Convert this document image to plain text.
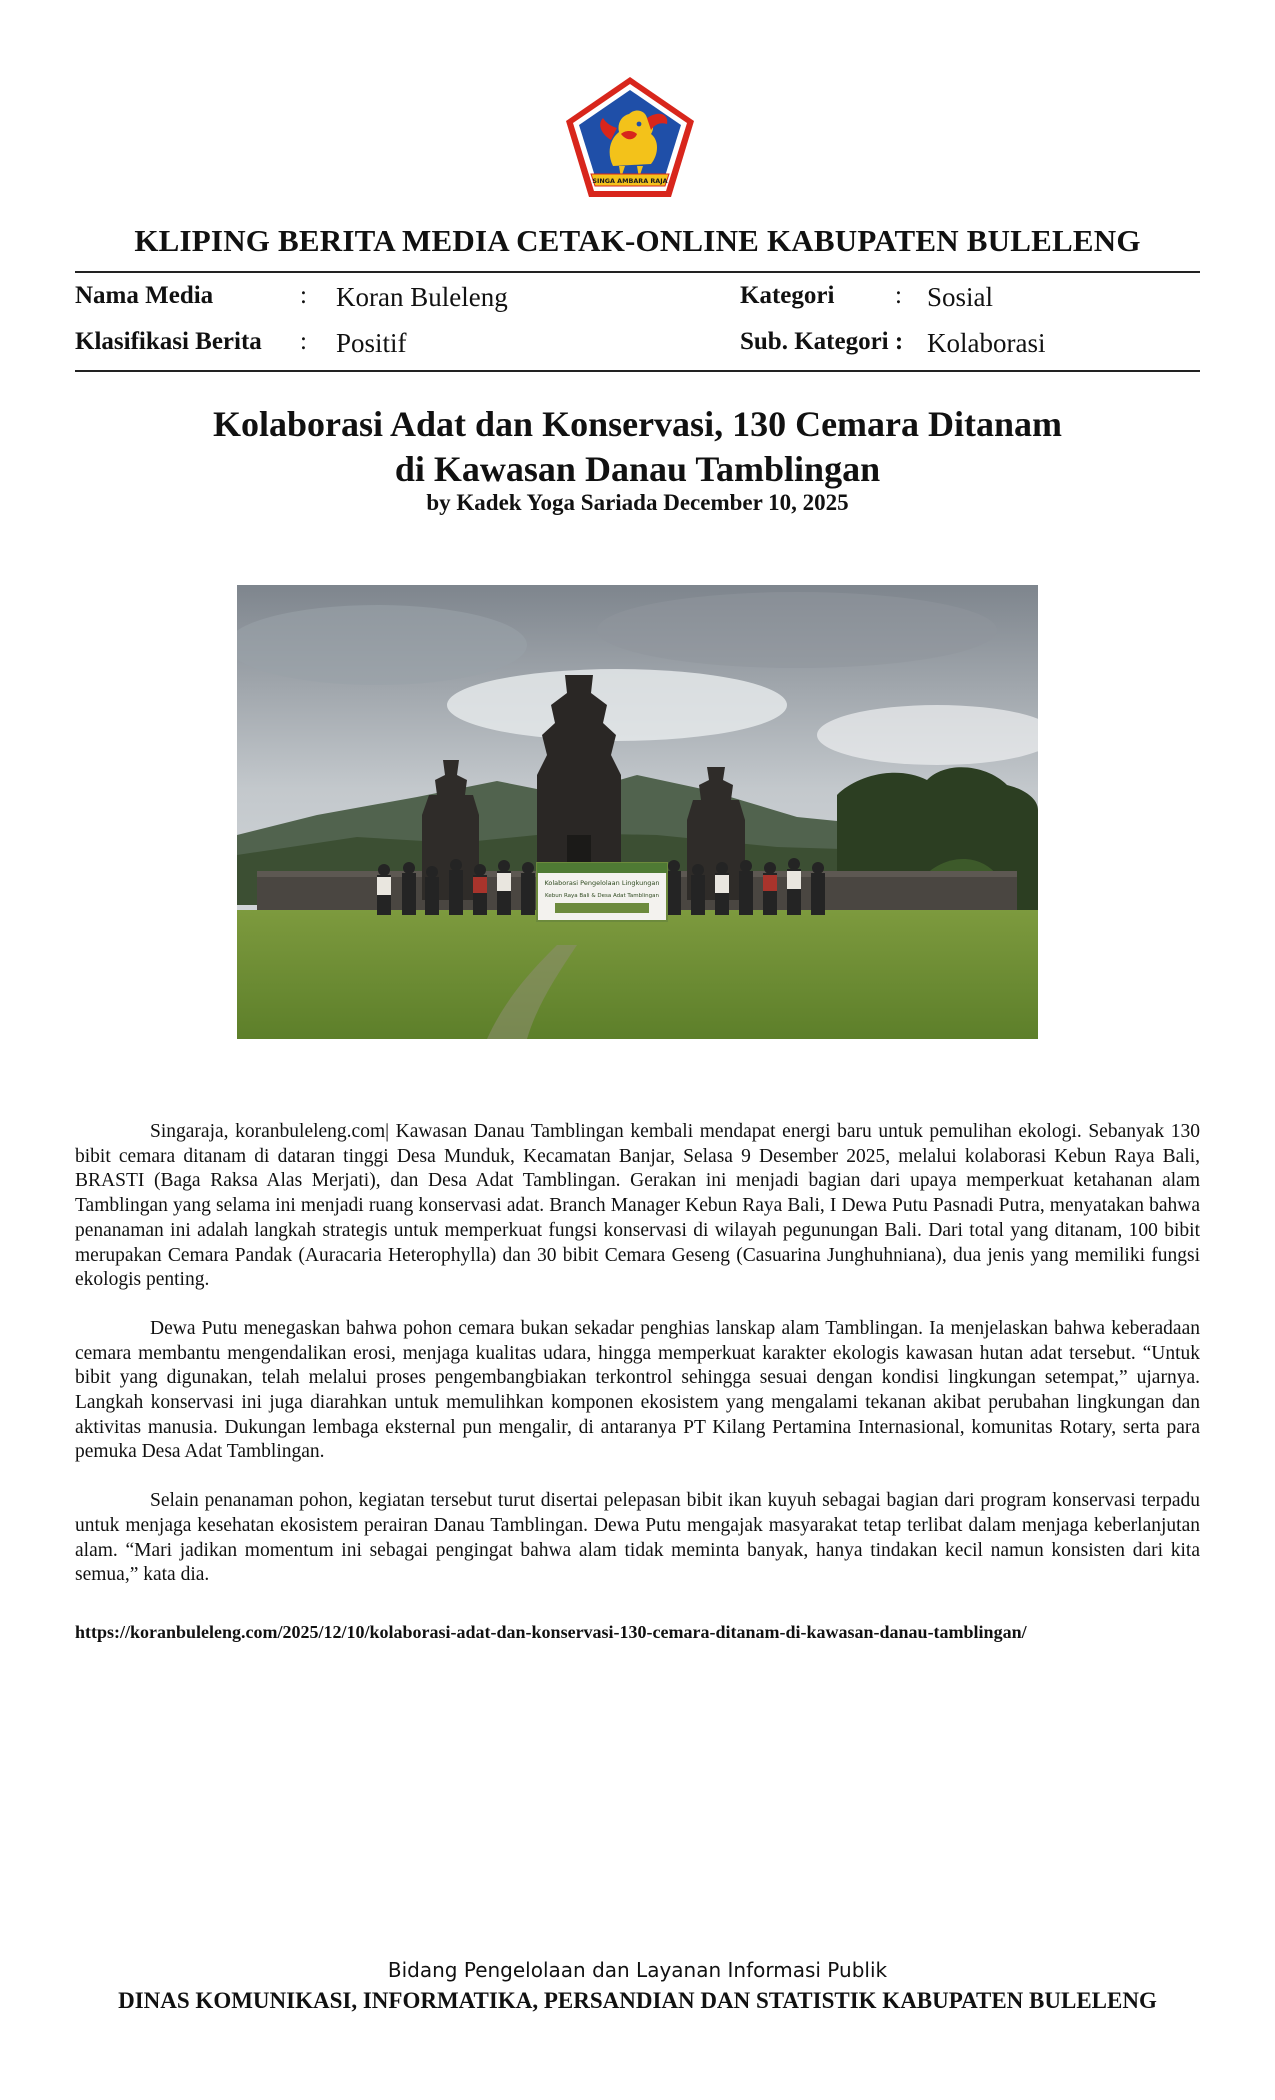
SINGA AMBARA RAJA
KLIPING BERITA MEDIA CETAK-ONLINE KABUPATEN BULELENG
Nama Media	: Koran Buleleng
Klasifikasi Berita : Positif
Kategori : Sosial
Sub. Kategori : Kolaborasi
Kolaborasi Adat dan Konservasi, 130 Cemara Ditanam
di Kawasan Danau Tamblingan
by Kadek Yoga Sariada December 10, 2025
Kolaborasi Pengelolaan Lingkungan
Kebun Raya Bali & Desa Adat Tamblingan

Singaraja, koranbuleleng.com| Kawasan Danau Tamblingan kembali mendapat energi baru untuk pemulihan ekologi. Sebanyak 130 bibit cemara ditanam di dataran tinggi Desa Munduk, Kecamatan Banjar, Selasa 9 Desember 2025, melalui kolaborasi Kebun Raya Bali, BRASTI (Baga Raksa Alas Merjati), dan Desa Adat Tamblingan. Gerakan ini menjadi bagian dari upaya memperkuat ketahanan alam Tamblingan yang selama ini menjadi ruang konservasi adat. Branch Manager Kebun Raya Bali, I Dewa Putu Pasnadi Putra, menyatakan bahwa penanaman ini adalah langkah strategis untuk memperkuat fungsi konservasi di wilayah pegunungan Bali. Dari total yang ditanam, 100 bibit merupakan Cemara Pandak (Auracaria Heterophylla) dan 30 bibit Cemara Geseng (Casuarina Junghuhniana), dua jenis yang memiliki fungsi ekologis penting.

Dewa Putu menegaskan bahwa pohon cemara bukan sekadar penghias lanskap alam Tamblingan. Ia menjelaskan bahwa keberadaan cemara membantu mengendalikan erosi, menjaga kualitas udara, hingga memperkuat karakter ekologis kawasan hutan adat tersebut. “Untuk bibit yang digunakan, telah melalui proses pengembangbiakan terkontrol sehingga sesuai dengan kondisi lingkungan setempat,” ujarnya. Langkah konservasi ini juga diarahkan untuk memulihkan komponen ekosistem yang mengalami tekanan akibat perubahan lingkungan dan aktivitas manusia. Dukungan lembaga eksternal pun mengalir, di antaranya PT Kilang Pertamina Internasional, komunitas Rotary, serta para pemuka Desa Adat Tamblingan.

Selain penanaman pohon, kegiatan tersebut turut disertai pelepasan bibit ikan kuyuh sebagai bagian dari program konservasi terpadu untuk menjaga kesehatan ekosistem perairan Danau Tamblingan. Dewa Putu mengajak masyarakat tetap terlibat dalam menjaga keberlanjutan alam. “Mari jadikan momentum ini sebagai pengingat bahwa alam tidak meminta banyak, hanya tindakan kecil namun konsisten dari kita semua,” kata dia.

https://koranbuleleng.com/2025/12/10/kolaborasi-adat-dan-konservasi-130-cemara-ditanam-di-kawasan-danau-tamblingan/
Bidang Pengelolaan dan Layanan Informasi Publik
DINAS KOMUNIKASI, INFORMATIKA, PERSANDIAN DAN STATISTIK KABUPATEN BULELENG
